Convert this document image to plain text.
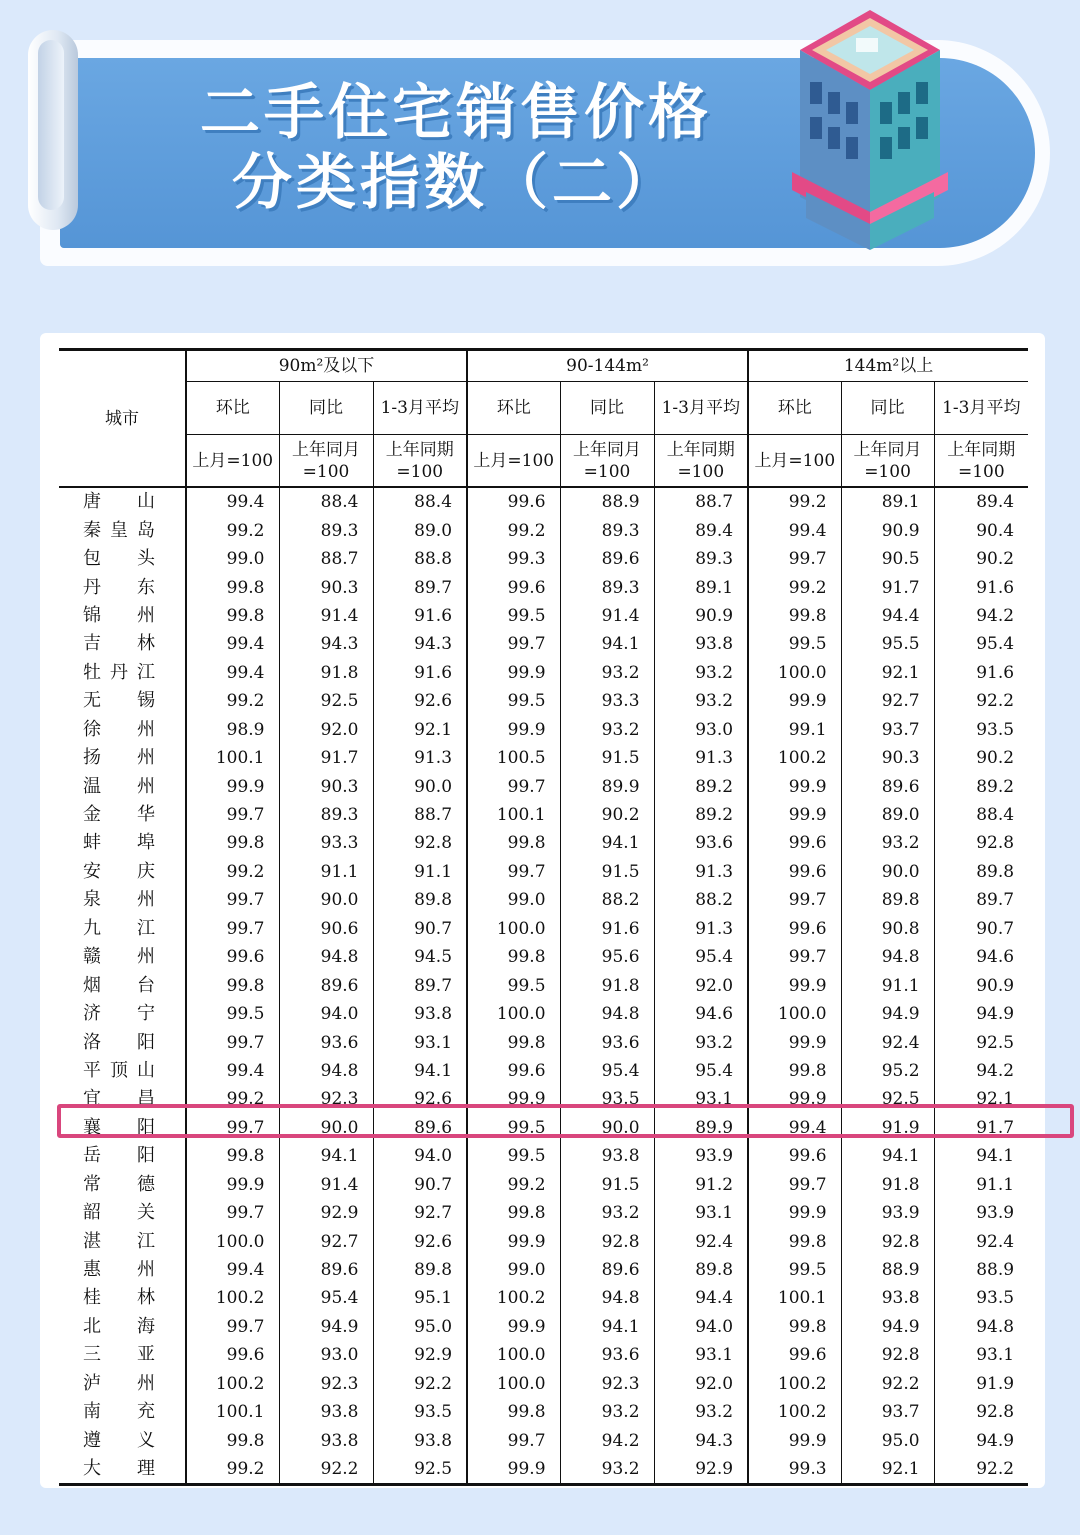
二手住宅销售价格

分类指数（二）
城市	90m²及以下			90-144m²			144m²以上		
	环比	同比	1-3月平均	环比	同比	1-3月平均	环比	同比	1-3月平均
	上月=100	上年同月=100	上年同期=100	上月=100	上年同月=100	上年同期=100	上月=100	上年同月=100	上年同期=100

唐 山	99.4	88.4	88.4	99.6	88.9	88.7	99.2	89.1	89.4

秦 皇 岛	99.2	89.3	89.0	99.2	89.3	89.4	99.4	90.9	90.4

包 头	99.0	88.7	88.8	99.3	89.6	89.3	99.7	90.5	90.2

丹 东	99.8	90.3	89.7	99.6	89.3	89.1	99.2	91.7	91.6

锦 州	99.8	91.4	91.6	99.5	91.4	90.9	99.8	94.4	94.2

吉 林	99.4	94.3	94.3	99.7	94.1	93.8	99.5	95.5	95.4

牡 丹 江	99.4	91.8	91.6	99.9	93.2	93.2	100.0	92.1	91.6

无 锡	99.2	92.5	92.6	99.5	93.3	93.2	99.9	92.7	92.2

徐 州	98.9	92.0	92.1	99.9	93.2	93.0	99.1	93.7	93.5

扬 州	100.1	91.7	91.3	100.5	91.5	91.3	100.2	90.3	90.2

温 州	99.9	90.3	90.0	99.7	89.9	89.2	99.9	89.6	89.2

金 华	99.7	89.3	88.7	100.1	90.2	89.2	99.9	89.0	88.4

蚌 埠	99.8	93.3	92.8	99.8	94.1	93.6	99.6	93.2	92.8

安 庆	99.2	91.1	91.1	99.7	91.5	91.3	99.6	90.0	89.8

泉 州	99.7	90.0	89.8	99.0	88.2	88.2	99.7	89.8	89.7

九 江	99.7	90.6	90.7	100.0	91.6	91.3	99.6	90.8	90.7

赣 州	99.6	94.8	94.5	99.8	95.6	95.4	99.7	94.8	94.6

烟 台	99.8	89.6	89.7	99.5	91.8	92.0	99.9	91.1	90.9

济 宁	99.5	94.0	93.8	100.0	94.8	94.6	100.0	94.9	94.9

洛 阳	99.7	93.6	93.1	99.8	93.6	93.2	99.9	92.4	92.5

平 顶 山	99.4	94.8	94.1	99.6	95.4	95.4	99.8	95.2	94.2

宜 昌	99.2	92.3	92.6	99.9	93.5	93.1	99.9	92.5	92.1

襄 阳	99.7	90.0	89.6	99.5	90.0	89.9	99.4	91.9	91.7

岳 阳	99.8	94.1	94.0	99.5	93.8	93.9	99.6	94.1	94.1

常 德	99.9	91.4	90.7	99.2	91.5	91.2	99.7	91.8	91.1

韶 关	99.7	92.9	92.7	99.8	93.2	93.1	99.9	93.9	93.9

湛 江	100.0	92.7	92.6	99.9	92.8	92.4	99.8	92.8	92.4

惠 州	99.4	89.6	89.8	99.0	89.6	89.8	99.5	88.9	88.9

桂 林	100.2	95.4	95.1	100.2	94.8	94.4	100.1	93.8	93.5

北 海	99.7	94.9	95.0	99.9	94.1	94.0	99.8	94.9	94.8

三 亚	99.6	93.0	92.9	100.0	93.6	93.1	99.6	92.8	93.1

泸 州	100.2	92.3	92.2	100.0	92.3	92.0	100.2	92.2	91.9

南 充	100.1	93.8	93.5	99.8	93.2	93.2	100.2	93.7	92.8

遵 义	99.8	93.8	93.8	99.7	94.2	94.3	99.9	95.0	94.9

大 理	99.2	92.2	92.5	99.9	93.2	92.9	99.3	92.1	92.2
